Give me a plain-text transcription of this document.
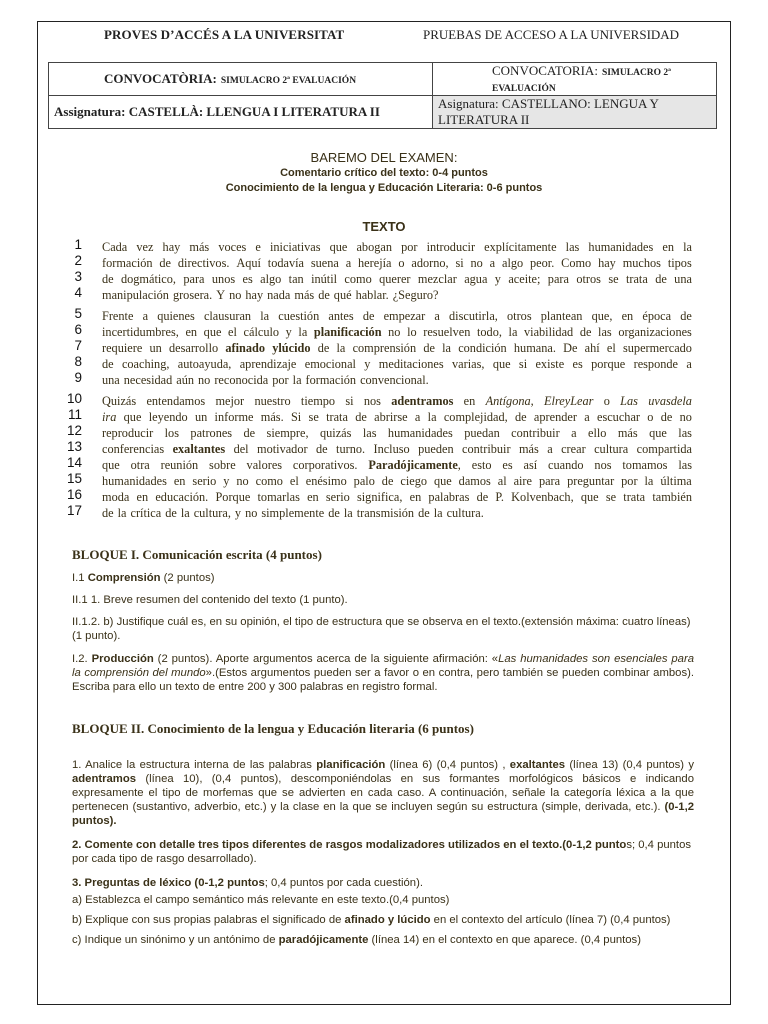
PROVES D’ACCÉS A LA UNIVERSITAT	PRUEBAS DE ACCESO A LA UNIVERSIDAD
CONVOCATÒRIA: SIMULACRO 2ª EVALUACIÓN	CONVOCATORIA: SIMULACRO 2ª EVALUACIÓN
Assignatura: CASTELLÀ: LLENGUA I LITERATURA II	Asignatura: CASTELLANO: LENGUA Y LITERATURA II
BAREMO DEL EXAMEN:
Comentario crítico del texto: 0-4 puntos
Conocimiento de la lengua y Educación Literaria: 0-6 puntos
TEXTO
1 Cada vez hay más voces e iniciativas que abogan por introducir explícitamente las humanidades en la
2 formación de directivos. Aquí todavía suena a herejía o adorno, si no a algo peor. Como hay muchos tipos
3 de dogmático, para unos es algo tan inútil como querer mezclar agua y aceite; para otros se trata de una
4 manipulación grosera. Y no hay nada más de qué hablar. ¿Seguro?
5 Frente a quienes clausuran la cuestión antes de empezar a discutirla, otros plantean que, en época de
6 incertidumbres, en que el cálculo y la planificación no lo resuelven todo, la viabilidad de las organizaciones
7 requiere un desarrollo afinado ylúcido de la comprensión de la condición humana. De ahí el supermercado
8 de coaching, autoayuda, aprendizaje emocional y meditaciones varias, que si existe es porque responde a
9 una necesidad aún no reconocida por la formación convencional.
10 Quizás entendamos mejor nuestro tiempo si nos adentramos en Antígona, ElreyLear o Las uvasdela
11 ira que leyendo un informe más. Si se trata de abrirse a la complejidad, de aprender a escuchar o de no
12 reproducir los patrones de siempre, quizás las humanidades puedan contribuir a ello más que las
13 conferencias exaltantes del motivador de turno. Incluso pueden contribuir más a crear cultura compartida
14 que otra reunión sobre valores corporativos. Paradójicamente, esto es así cuando nos tomamos las
15 humanidades en serio y no como el enésimo palo de ciego que damos al aire para preguntar por la última
16 moda en educación. Porque tomarlas en serio significa, en palabras de P. Kolvenbach, que se trata también
17 de la crítica de la cultura, y no simplemente de la transmisión de la cultura.
BLOQUE I. Comunicación escrita (4 puntos)
I.1 Comprensión (2 puntos)
II.1 1. Breve resumen del contenido del texto (1 punto).
II.1.2. b) Justifique cuál es, en su opinión, el tipo de estructura que se observa en el texto.(extensión máxima: cuatro líneas) (1 punto).
I.2. Producción (2 puntos). Aporte argumentos acerca de la siguiente afirmación: «Las humanidades son esenciales para la comprensión del mundo».(Estos argumentos pueden ser a favor o en contra, pero también se pueden combinar ambos). Escriba para ello un texto de entre 200 y 300 palabras en registro formal.
BLOQUE II. Conocimiento de la lengua y Educación literaria (6 puntos)
1. Analice la estructura interna de las palabras planificación (línea 6) (0,4 puntos) , exaltantes (línea 13) (0,4 puntos) y adentramos (línea 10), (0,4 puntos), descomponiéndolas en sus formantes morfológicos básicos e indicando expresamente el tipo de morfemas que se advierten en cada caso. A continuación, señale la categoría léxica a la que pertenecen (sustantivo, adverbio, etc.) y la clase en la que se incluyen según su estructura (simple, derivada, etc.). (0-1,2 puntos).
2. Comente con detalle tres tipos diferentes de rasgos modalizadores utilizados en el texto.(0-1,2 puntos; 0,4 puntos por cada tipo de rasgo desarrollado).
3. Preguntas de léxico (0-1,2 puntos; 0,4 puntos por cada cuestión).
a) Establezca el campo semántico más relevante en este texto.(0,4 puntos)
b) Explique con sus propias palabras el significado de afinado y lúcido en el contexto del artículo (línea 7) (0,4 puntos)
c) Indique un sinónimo y un antónimo de paradójicamente (línea 14) en el contexto en que aparece. (0,4 puntos)
